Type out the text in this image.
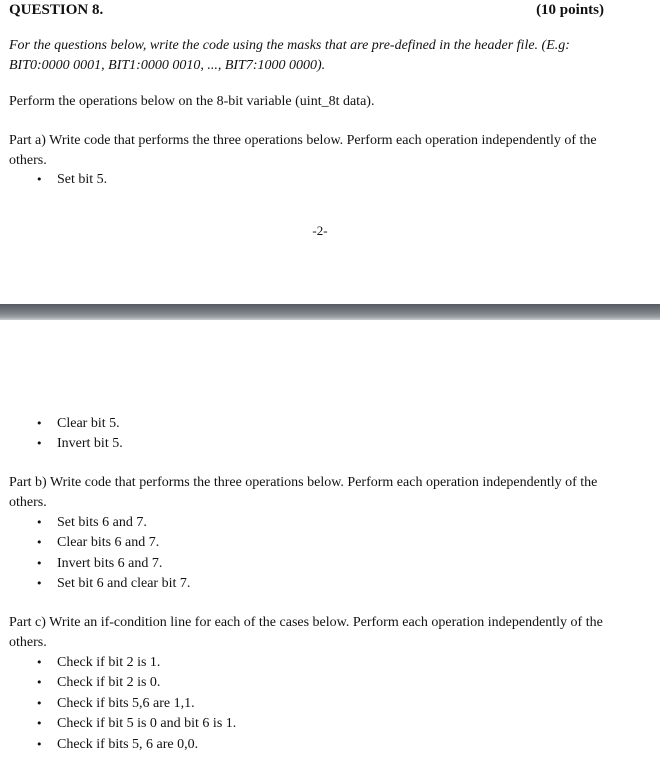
QUESTION 8.	(10 points)
For the questions below, write the code using the masks that are pre-defined in the header file. (E.g:
BIT0:0000 0001, BIT1:0000 0010, ..., BIT7:1000 0000).
Perform the operations below on the 8-bit variable (uint_8t data).
Part a) Write code that performs the three operations below. Perform each operation independently of the
others.
• Set bit 5.
-2-
• Clear bit 5.
• Invert bit 5.
Part b) Write code that performs the three operations below. Perform each operation independently of the
others.
• Set bits 6 and 7.
• Clear bits 6 and 7.
• Invert bits 6 and 7.
• Set bit 6 and clear bit 7.
Part c) Write an if-condition line for each of the cases below. Perform each operation independently of the
others.
• Check if bit 2 is 1.
• Check if bit 2 is 0.
• Check if bits 5,6 are 1,1.
• Check if bit 5 is 0 and bit 6 is 1.
• Check if bits 5, 6 are 0,0.
